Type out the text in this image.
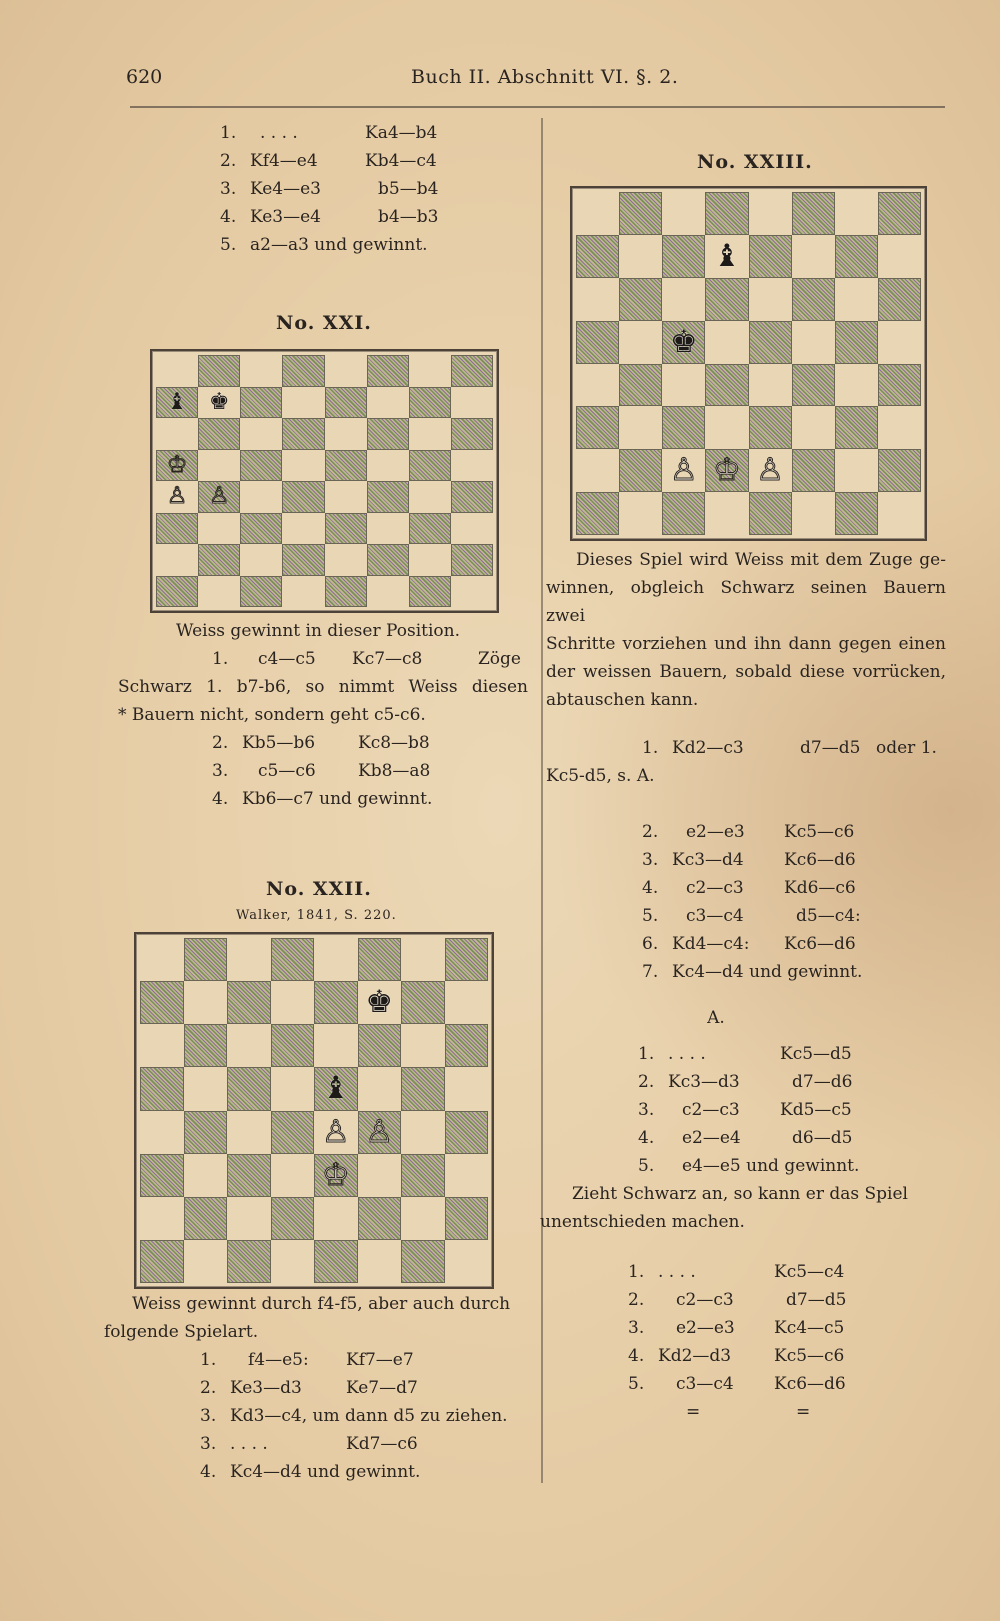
620	Buch II. Abschnitt VI. §. 2.
1. . . . .	Ka4—b4
2. Kf4—e4	Kb4—c4
3. Ke4—e3	b5—b4
4. Ke3—e4	b4—b3
5. a2—a3 und gewinnt.
No. XXI.
♝ ♚
♔
♙ ♙
Weiss gewinnt in dieser Position.
1. c4—c5 Kc7—c8	Zöge
Schwarz 1. b7-b6, so nimmt Weiss diesen
* Bauern nicht, sondern geht c5-c6.
2. Kb5—b6	Kc8—b8
3. c5—c6 Kb8—a8
4. Kb6—c7 und gewinnt.
No. XXII.
Walker, 1841, S. 220.
♚
♝
♙ ♙
♔
Weiss gewinnt durch f4-f5, aber auch durch
folgende Spielart.
1. f4—e5: Kf7—e7
2. Ke3—d3	Ke7—d7
3. Kd3—c4, um dann d5 zu ziehen.
3. . . . .	Kd7—c6
4. Kc4—d4 und gewinnt.
No. XXIII.
♝
♚
♙ ♔ ♙
Dieses Spiel wird Weiss mit dem Zuge ge-
winnen, obgleich Schwarz seinen Bauern zwei
Schritte vorziehen und ihn dann gegen einen
der weissen Bauern, sobald diese vorrücken,
abtauschen kann.
1. Kd2—c3	d7—d5 oder 1.
Kc5-d5, s. A.
2. e2—e3 Kc5—c6
3. Kc3—d4 Kc6—d6
4. c2—c3 Kd6—c6
5. c3—c4	d5—c4:
6. Kd4—c4: Kc6—d6
7. Kc4—d4 und gewinnt.
A.
1. . . . .	Kc5—d5
2. Kc3—d3	d7—d6
3. c2—c3 Kd5—c5
4. e2—e4	d6—d5
5. e4—e5 und gewinnt.
Zieht Schwarz an, so kann er das Spiel
unentschieden machen.
1. . . . .	Kc5—c4
2. c2—c3	d7—d5
3. e2—e3 Kc4—c5
4. Kd2—d3	Kc5—c6
5. c3—c4 Kc6—d6
=	=
